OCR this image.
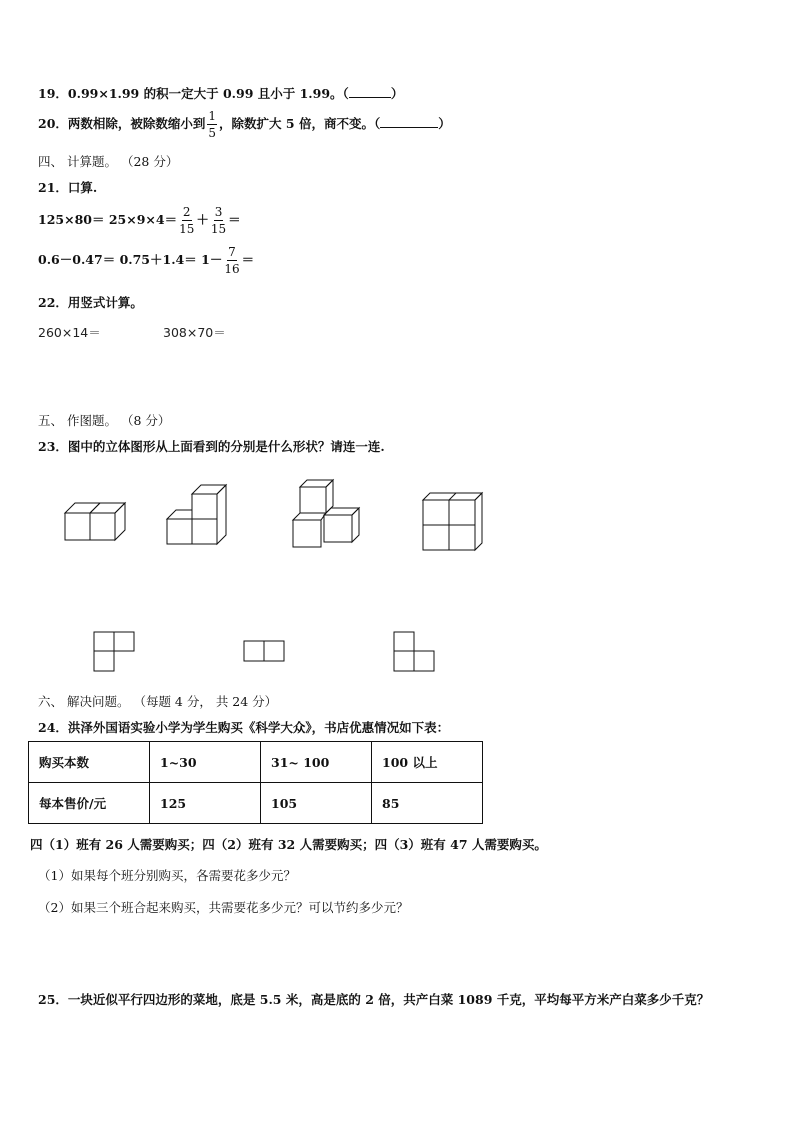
19．0.99×1.99 的积一定大于 0.99 且小于 1.99。（	）
20．两数相除，被除数缩小到 $\frac{1}{5}$ ，除数扩大 5 倍，商不变。（	）
四、 计算题。 （28 分）
21．口算.
$125\times 80= 25\times 9\times 4= \frac{2}{15} + \frac{3}{15}$ ＝
$0.6-0.47= 0.75+1.4= 1- \frac{7}{16}$ ＝
22．用竖式计算。
260×14＝	308×70＝
五、 作图题。 （8 分）
23．图中的立体图形从上面看到的分别是什么形状？请连一连.
六、 解决问题。 （每题 4 分， 共 24 分）
24．洪泽外国语实验小学为学生购买《科学大众》，书店优惠情况如下表：
购买本数	1~30	31~ 100	100 以上
每本售价/元	125	105	85
四（1）班有 26 人需要购买；四（2）班有 32 人需要购买；四（3）班有 47 人需要购买。
（1）如果每个班分别购买，各需要花多少元？
（2）如果三个班合起来购买，共需要花多少元？可以节约多少元？
25．一块近似平行四边形的菜地，底是 5.5 米，高是底的 2 倍，共产白菜 1089 千克，平均每平方米产白菜多少千克？
